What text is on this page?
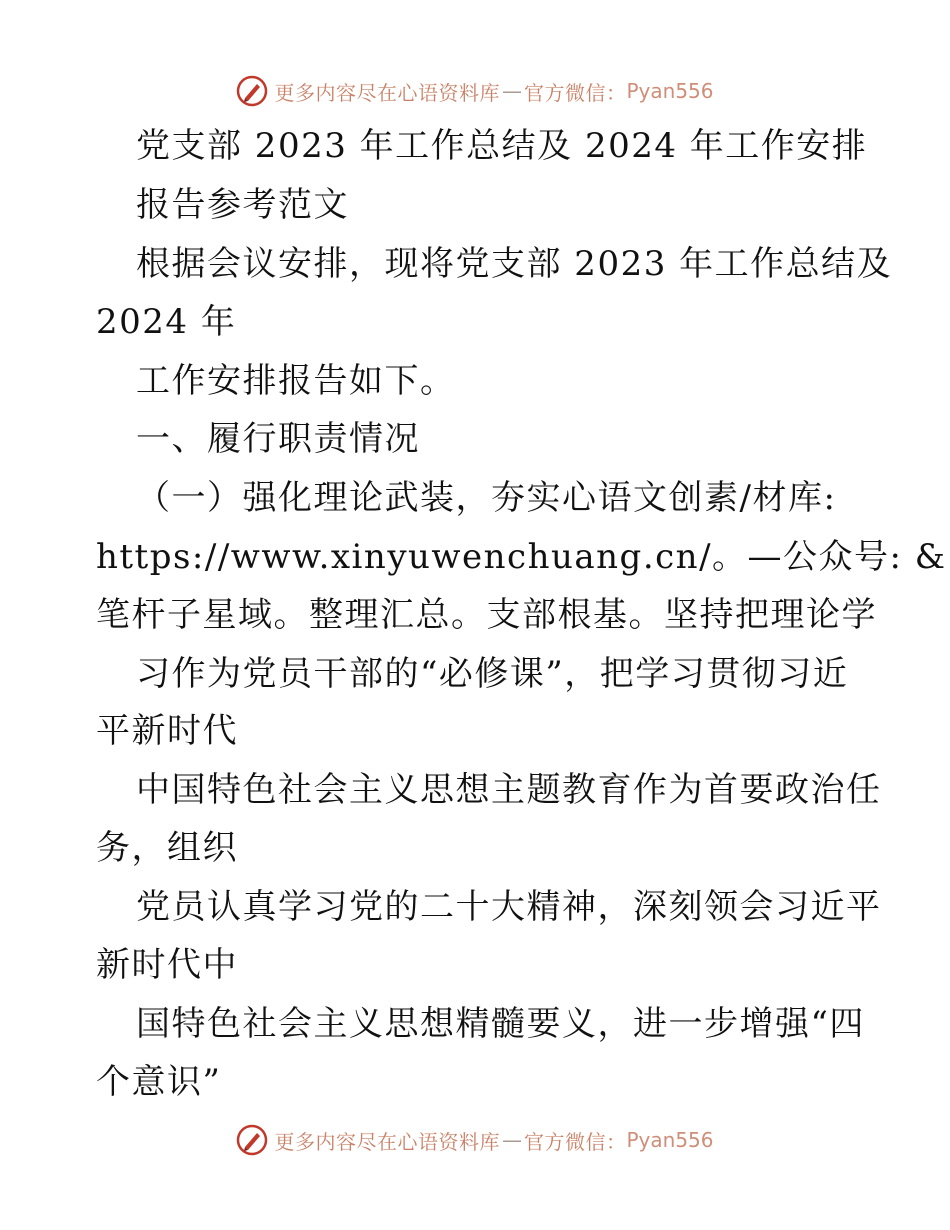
更多内容尽在心语资料库 — 官方微信： Pyan556
党支部 2023 年工作总结及 2024 年工作安排
报告参考范文
根据会议安排，现将党支部 2023 年工作总结及
2024 年
工作安排报告如下。
一、履行职责情况
（一）强化理论武装，夯实心语文创素/材库:
https://www.xinyuwenchuang.cn/。—公众号: &
笔杆子星域。整理汇总。支部根基。坚持把理论学
习作为党员干部的“必修课”，把学习贯彻习近
平新时代
中国特色社会主义思想主题教育作为首要政治任
务，组织
党员认真学习党的二十大精神，深刻领会习近平
新时代中
国特色社会主义思想精髓要义，进一步增强“四
个意识”
更多内容尽在心语资料库 — 官方微信： Pyan556
